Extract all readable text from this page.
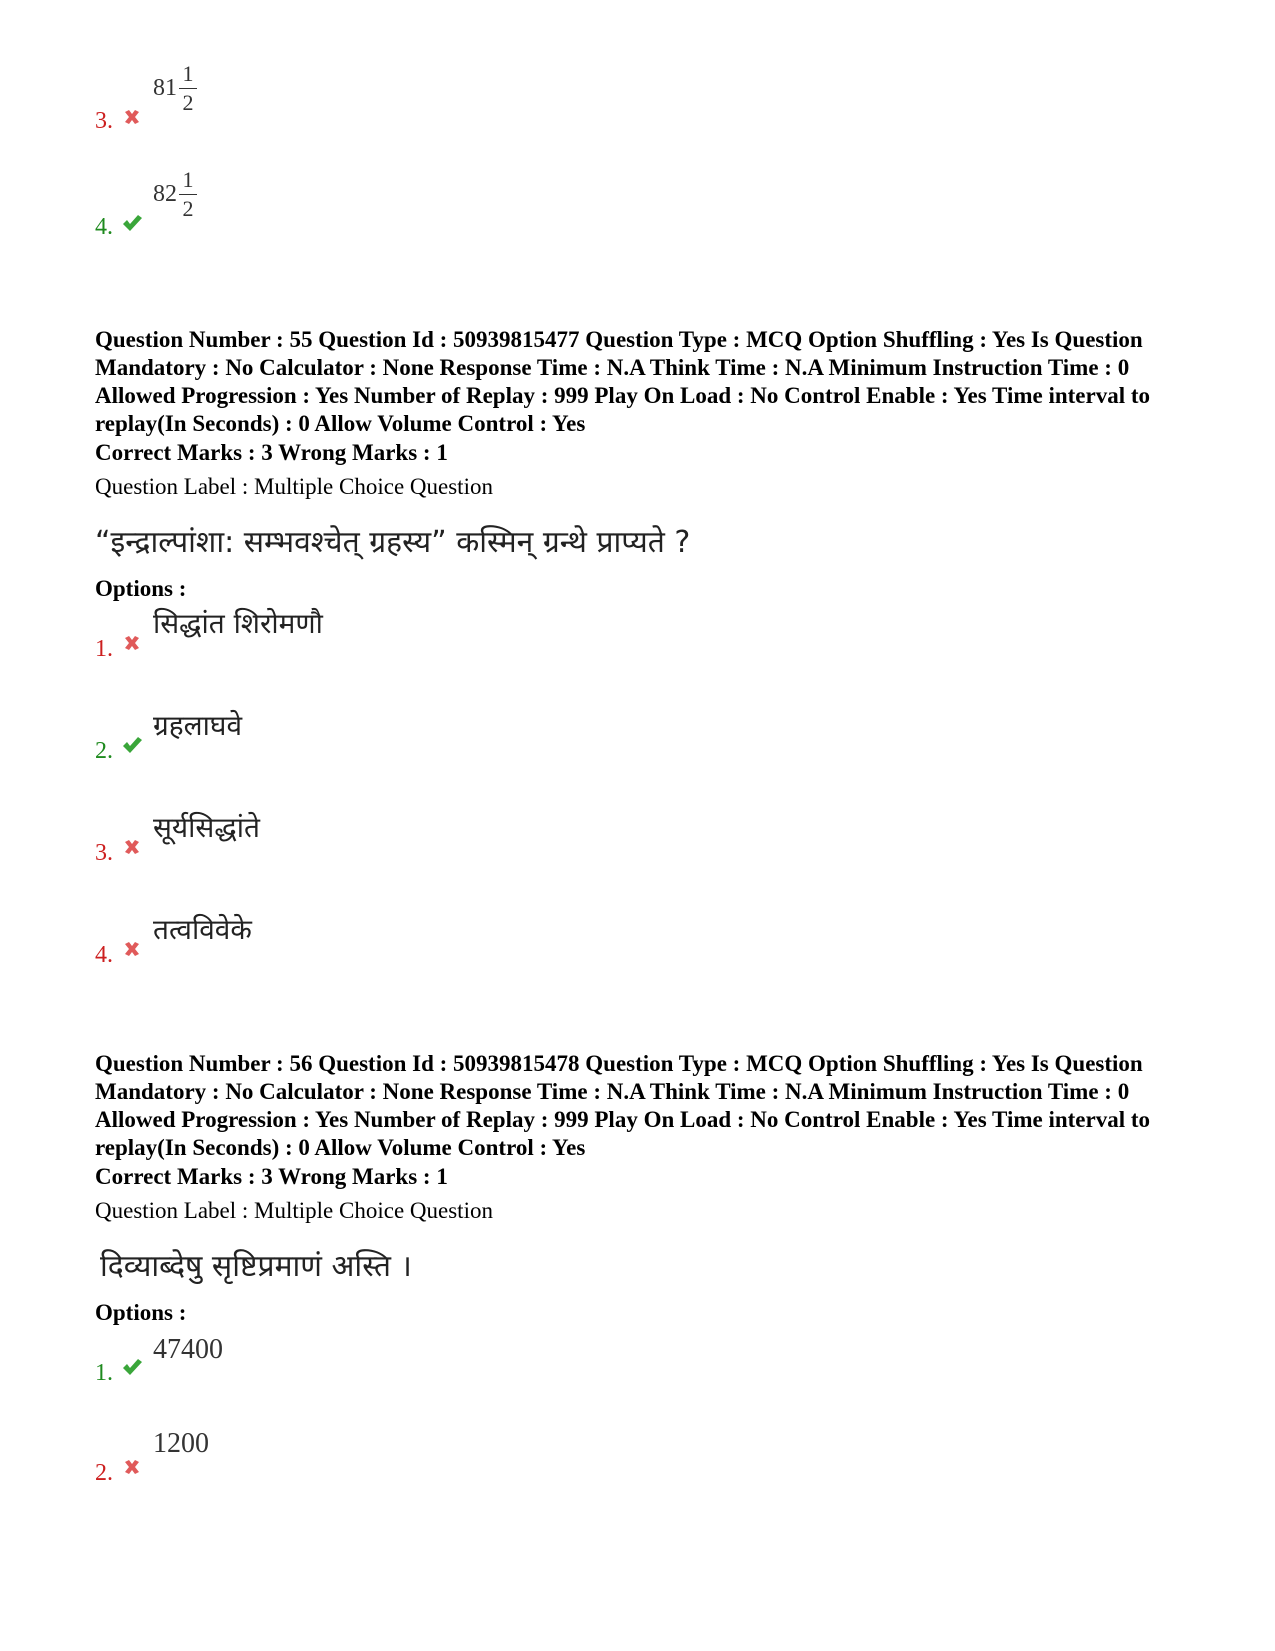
3.
81
1
2
4.
82
1
2
Question Number : 55 Question Id : 50939815477 Question Type : MCQ Option Shuffling : Yes Is Question Mandatory : No Calculator : None Response Time : N.A Think Time : N.A Minimum Instruction Time : 0 Allowed Progression : Yes Number of Replay : 999 Play On Load : No Control Enable : Yes Time interval to replay(In Seconds) : 0 Allow Volume Control : Yes
Correct Marks : 3 Wrong Marks : 1
Question Label : Multiple Choice Question
“इन्द्राल्पांशा: सम्भवश्चेत् ग्रहस्य” कस्मिन् ग्रन्थे प्राप्यते ?
Options :
1.
सिद्धांत शिरोमणौ
2.
ग्रहलाघवे
3.
सूर्यसिद्धांते
4.
तत्वविवेके
Question Number : 56 Question Id : 50939815478 Question Type : MCQ Option Shuffling : Yes Is Question Mandatory : No Calculator : None Response Time : N.A Think Time : N.A Minimum Instruction Time : 0 Allowed Progression : Yes Number of Replay : 999 Play On Load : No Control Enable : Yes Time interval to replay(In Seconds) : 0 Allow Volume Control : Yes
Correct Marks : 3 Wrong Marks : 1
Question Label : Multiple Choice Question
दिव्याब्देषु सृष्टिप्रमाणं अस्ति ।
Options :
1.
47400
2.
1200
